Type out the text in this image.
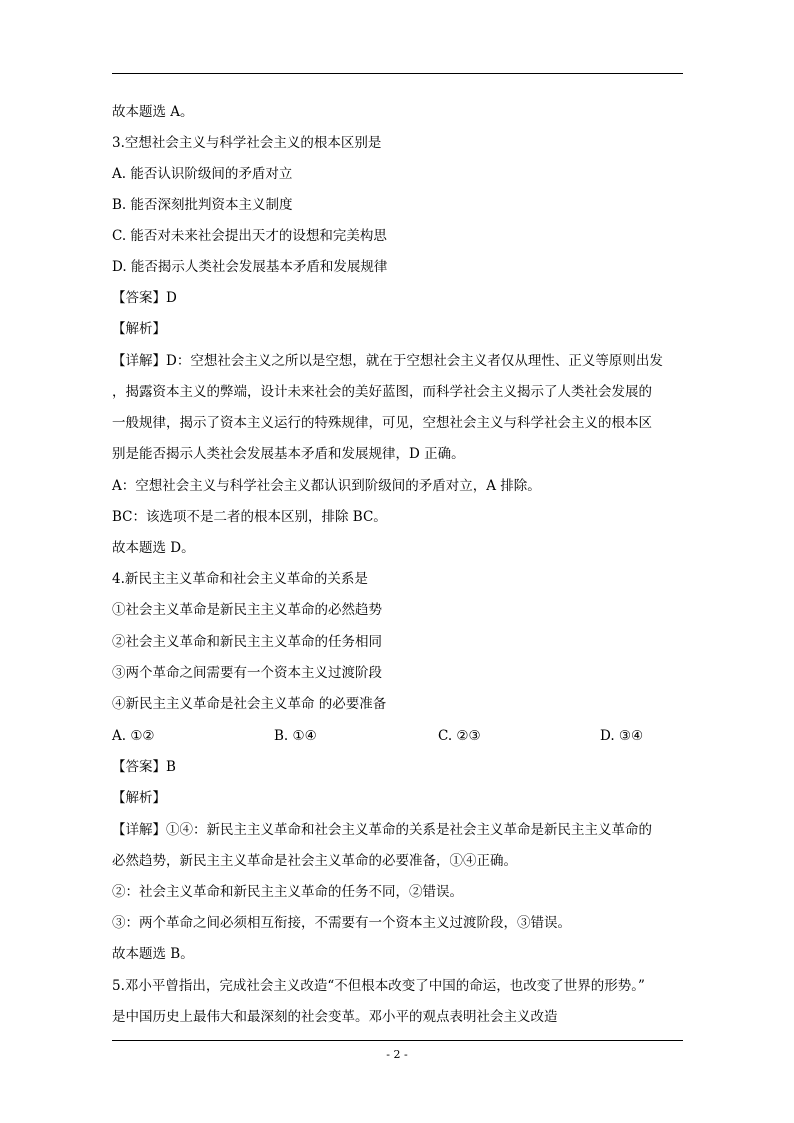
故本题选 A。
3.空想社会主义与科学社会主义的根本区别是
A. 能否认识阶级间的矛盾对立
B. 能否深刻批判资本主义制度
C. 能否对未来社会提出天才的设想和完美构思
D. 能否揭示人类社会发展基本矛盾和发展规律
【答案】D
【解析】
【详解】D：空想社会主义之所以是空想，就在于空想社会主义者仅从理性、正义等原则出发
，揭露资本主义的弊端，设计未来社会的美好蓝图，而科学社会主义揭示了人类社会发展的
一般规律，揭示了资本主义运行的特殊规律，可见，空想社会主义与科学社会主义的根本区
别是能否揭示人类社会发展基本矛盾和发展规律，D 正确。
A：空想社会主义与科学社会主义都认识到阶级间的矛盾对立，A 排除。
BC：该选项不是二者的根本区别，排除 BC。
故本题选 D。
4.新民主主义革命和社会主义革命的关系是
①社会主义革命是新民主主义革命的必然趋势
②社会主义革命和新民主主义革命的任务相同
③两个革命之间需要有一个资本主义过渡阶段
④新民主主义革命是社会主义革命 的必要准备
A. ①②	B. ①④	C. ②③	D. ③④
【答案】B
【解析】
【详解】①④：新民主主义革命和社会主义革命的关系是社会主义革命是新民主主义革命的
必然趋势，新民主主义革命是社会主义革命的必要准备，①④正确。
②：社会主义革命和新民主主义革命的任务不同，②错误。
③：两个革命之间必须相互衔接，不需要有一个资本主义过渡阶段，③错误。
故本题选 B。
5.邓小平曾指出，完成社会主义改造“不但根本改变了中国的命运，也改变了世界的形势。”
是中国历史上最伟大和最深刻的社会变革。邓小平的观点表明社会主义改造
- 2 -
